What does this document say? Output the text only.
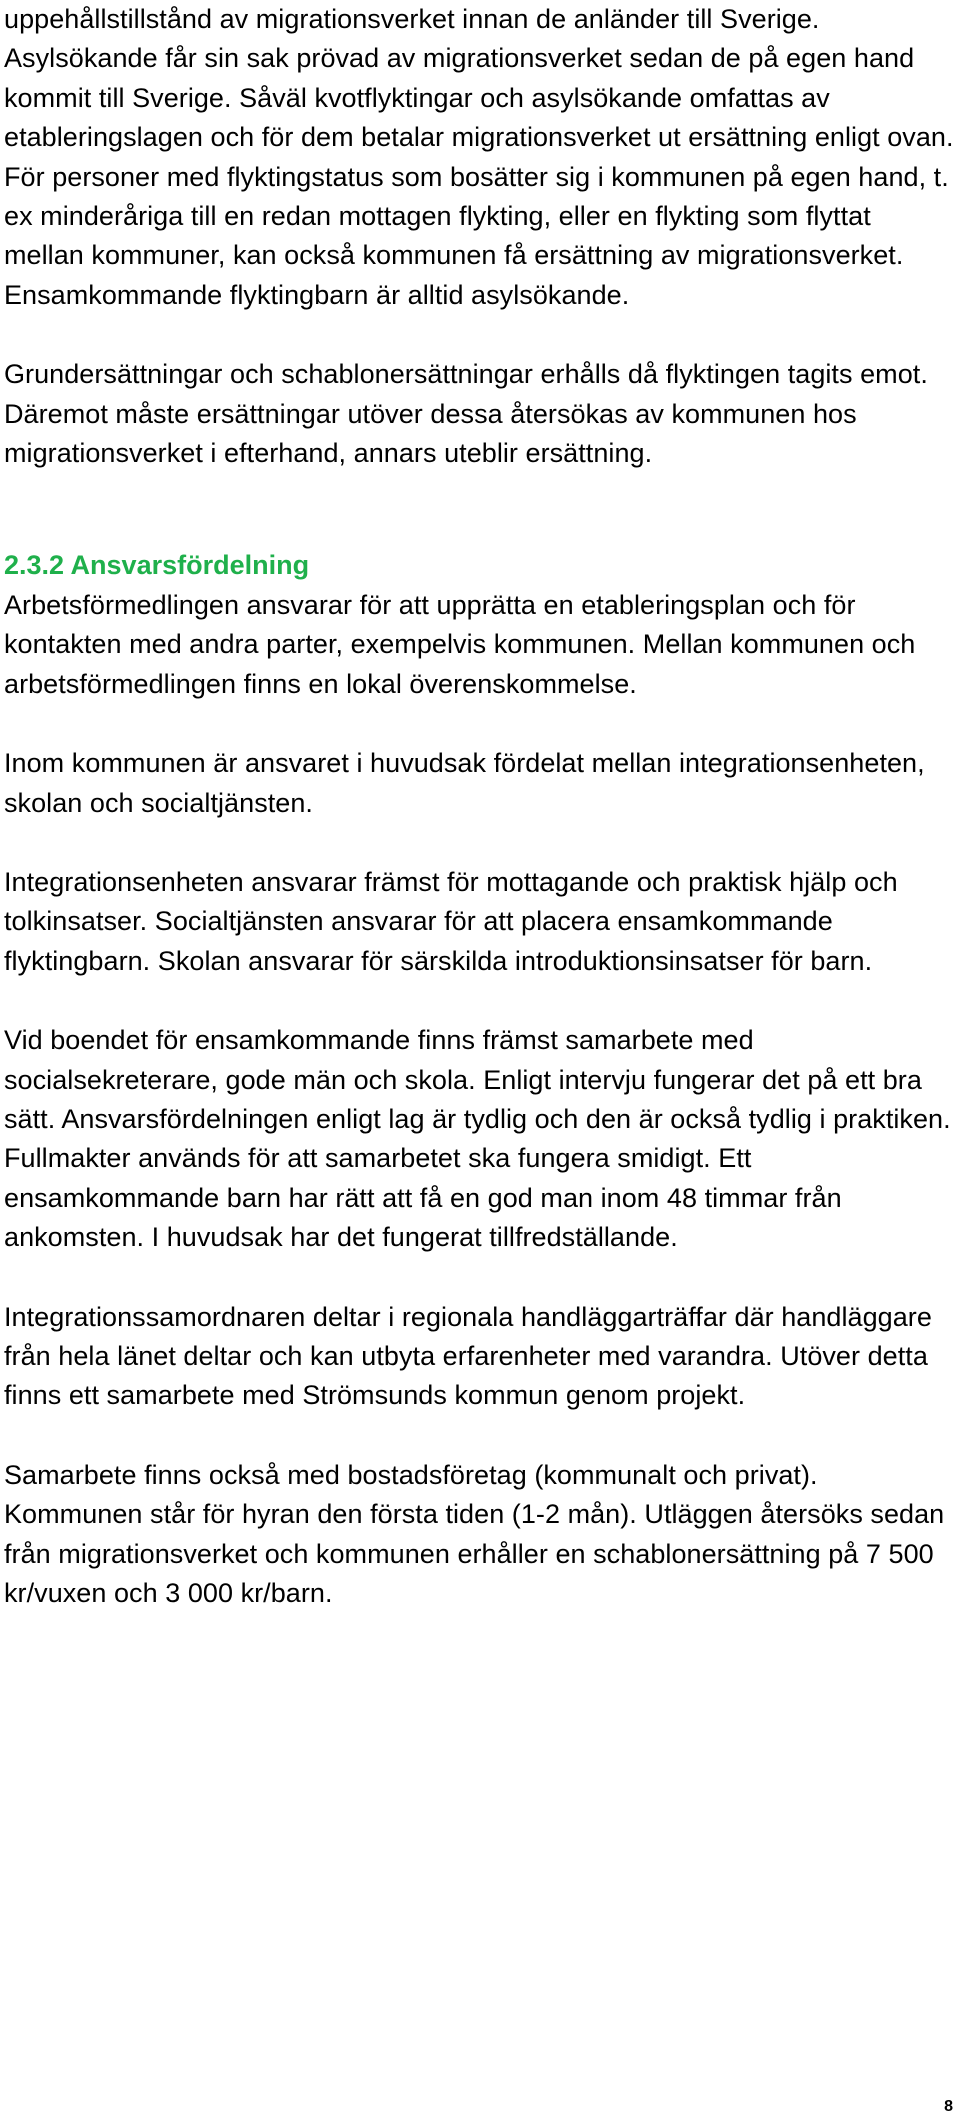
uppehållstillstånd av migrationsverket innan de anländer till Sverige. Asylsökande får sin sak prövad av migrationsverket sedan de på egen hand kommit till Sverige. Såväl kvotflyktingar och asylsökande omfattas av etableringslagen och för dem betalar migrationsverket ut ersättning enligt ovan. För personer med flyktingstatus som bosätter sig i kommunen på egen hand, t. ex minderåriga till en redan mottagen flykting, eller en flykting som flyttat mellan kommuner, kan också kommunen få ersättning av migrationsverket. Ensamkommande flyktingbarn är alltid asylsökande.

Grundersättningar och schablonersättningar erhålls då flyktingen tagits emot. Däremot måste ersättningar utöver dessa återsökas av kommunen hos migrationsverket i efterhand, annars uteblir ersättning.

2.3.2 Ansvarsfördelning

Arbetsförmedlingen ansvarar för att upprätta en etableringsplan och för kontakten med andra parter, exempelvis kommunen. Mellan kommunen och arbetsförmedlingen finns en lokal överenskommelse.

Inom kommunen är ansvaret i huvudsak fördelat mellan integrationsenheten, skolan och socialtjänsten.

Integrationsenheten ansvarar främst för mottagande och praktisk hjälp och tolkinsatser. Socialtjänsten ansvarar för att placera ensamkommande flyktingbarn. Skolan ansvarar för särskilda introduktionsinsatser för barn.

Vid boendet för ensamkommande finns främst samarbete med socialsekreterare, gode män och skola. Enligt intervju fungerar det på ett bra sätt. Ansvarsfördelningen enligt lag är tydlig och den är också tydlig i praktiken. Fullmakter används för att samarbetet ska fungera smidigt. Ett ensamkommande barn har rätt att få en god man inom 48 timmar från ankomsten. I huvudsak har det fungerat tillfredställande.

Integrationssamordnaren deltar i regionala handläggarträffar där handläggare från hela länet deltar och kan utbyta erfarenheter med varandra. Utöver detta finns ett samarbete med Strömsunds kommun genom projekt.

Samarbete finns också med bostadsföretag (kommunalt och privat). Kommunen står för hyran den första tiden (1-2 mån). Utläggen återsöks sedan från migrationsverket och kommunen erhåller en schablonersättning på 7 500 kr/vuxen och 3 000 kr/barn.

8
